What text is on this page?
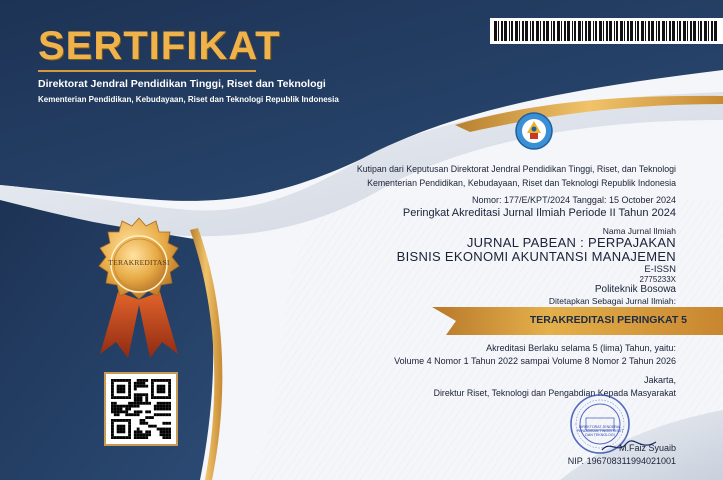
SERTIFIKAT
Direktorat Jendral Pendidikan Tinggi, Riset dan Teknologi
Kementerian Pendidikan, Kebudayaan, Riset dan Teknologi Republik Indonesia
Kutipan dari Keputusan Direktorat Jendral Pendidikan Tinggi, Riset, dan Teknologi
Kementerian Pendidikan, Kebudayaan, Riset dan Teknologi Republik Indonesia
Nomor: 177/E/KPT/2024 Tanggal: 15 October 2024
Peringkat Akreditasi Jurnal Ilmiah Periode II Tahun 2024
Nama Jurnal Ilmiah
JURNAL PABEAN : PERPAJAKAN
BISNIS EKONOMI AKUNTANSI MANAJEMEN
E-ISSN
2775233X
Politeknik Bosowa
Ditetapkan Sebagai Jurnal Ilmiah:
TERAKREDITASI PERINGKAT 5
Akreditasi Berlaku selama 5 (lima) Tahun, yaitu:
Volume 4 Nomor 1 Tahun 2022 sampai Volume 8 Nomor 2 Tahun 2026
Jakarta,
Direktur Riset, Teknologi dan Pengabdian Kepada Masyarakat
DIREKTORAT JENDERAL PENDIDIKAN TINGGI RISET DAN TEKNOLOGI
M.Faiz Syuaib
NIP. 196708311994021001
TERAKREDITASI
